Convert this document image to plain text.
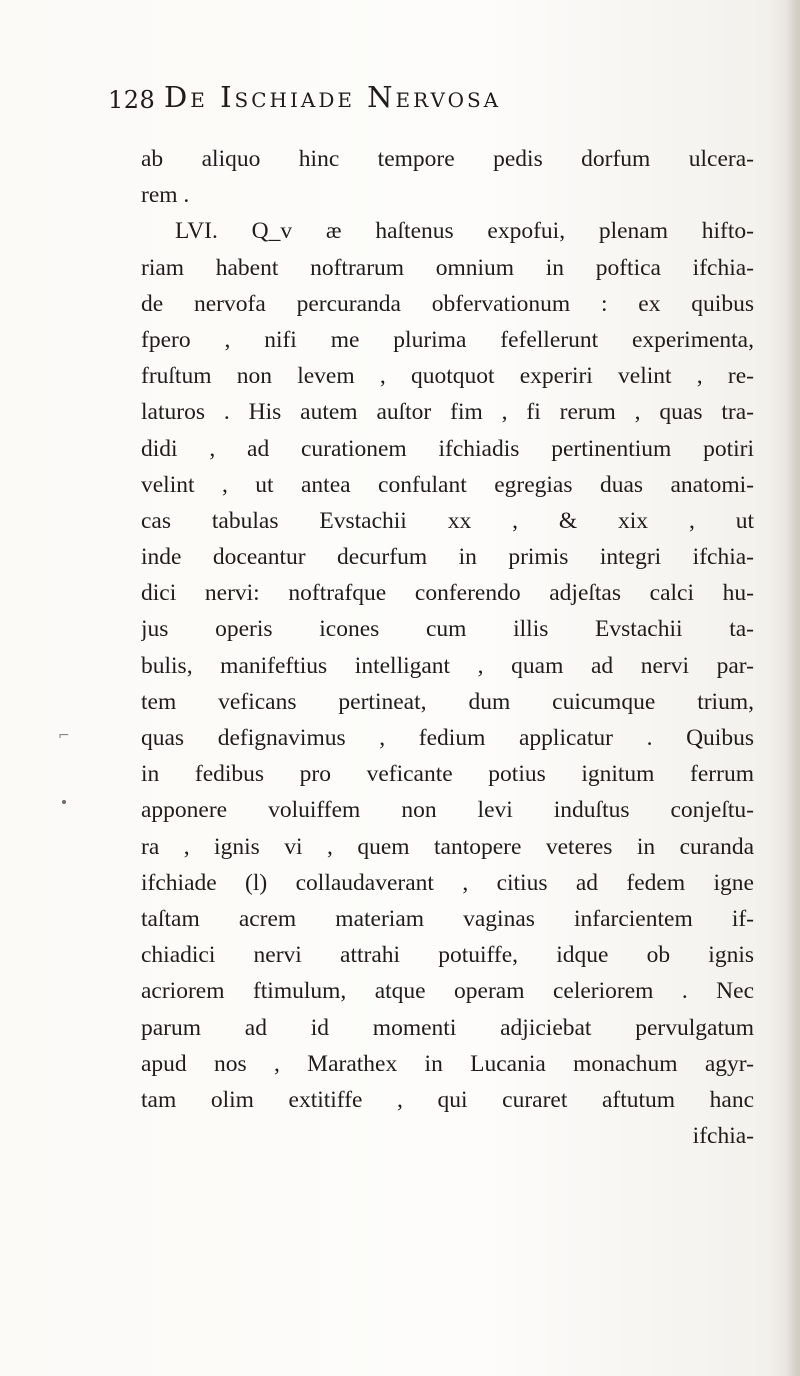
128 De Ischiade Nervosa
ab aliquo hinc tempore pedis dorfum ulcera-
rem .
LVI. Q_v æ haſtenus expofui, plenam hifto-
riam habent noftrarum omnium in poftica ifchia-
de nervofa percuranda obfervationum : ex quibus
fpero , nifi me plurima fefellerunt experimenta,
fruſtum non levem , quotquot experiri velint , re-
laturos . His autem auſtor fim , fi rerum , quas tra-
didi , ad curationem ifchiadis pertinentium potiri
velint , ut antea confulant egregias duas anatomi-
cas tabulas Evstachii xx , & xix , ut
inde doceantur decurfum in primis integri ifchia-
dici nervi: noftrafque conferendo adjeſtas calci hu-
jus operis icones cum illis Evstachii ta-
bulis, manifeftius intelligant , quam ad nervi par-
tem veficans pertineat, dum cuicumque trium,
quas defignavimus , fedium applicatur . Quibus
in fedibus pro veficante potius ignitum ferrum
apponere voluiffem non levi induſtus conjeſtu-
ra , ignis vi , quem tantopere veteres in curanda
ifchiade (l) collaudaverant , citius ad fedem igne
taſtam acrem materiam vaginas infarcientem if-
chiadici nervi attrahi potuiffe, idque ob ignis
acriorem ftimulum, atque operam celeriorem . Nec
parum ad id momenti adjiciebat pervulgatum
apud nos , Marathex in Lucania monachum agyr-
tam olim extitiffe , qui curaret aftutum hanc
ifchia-
⌐
